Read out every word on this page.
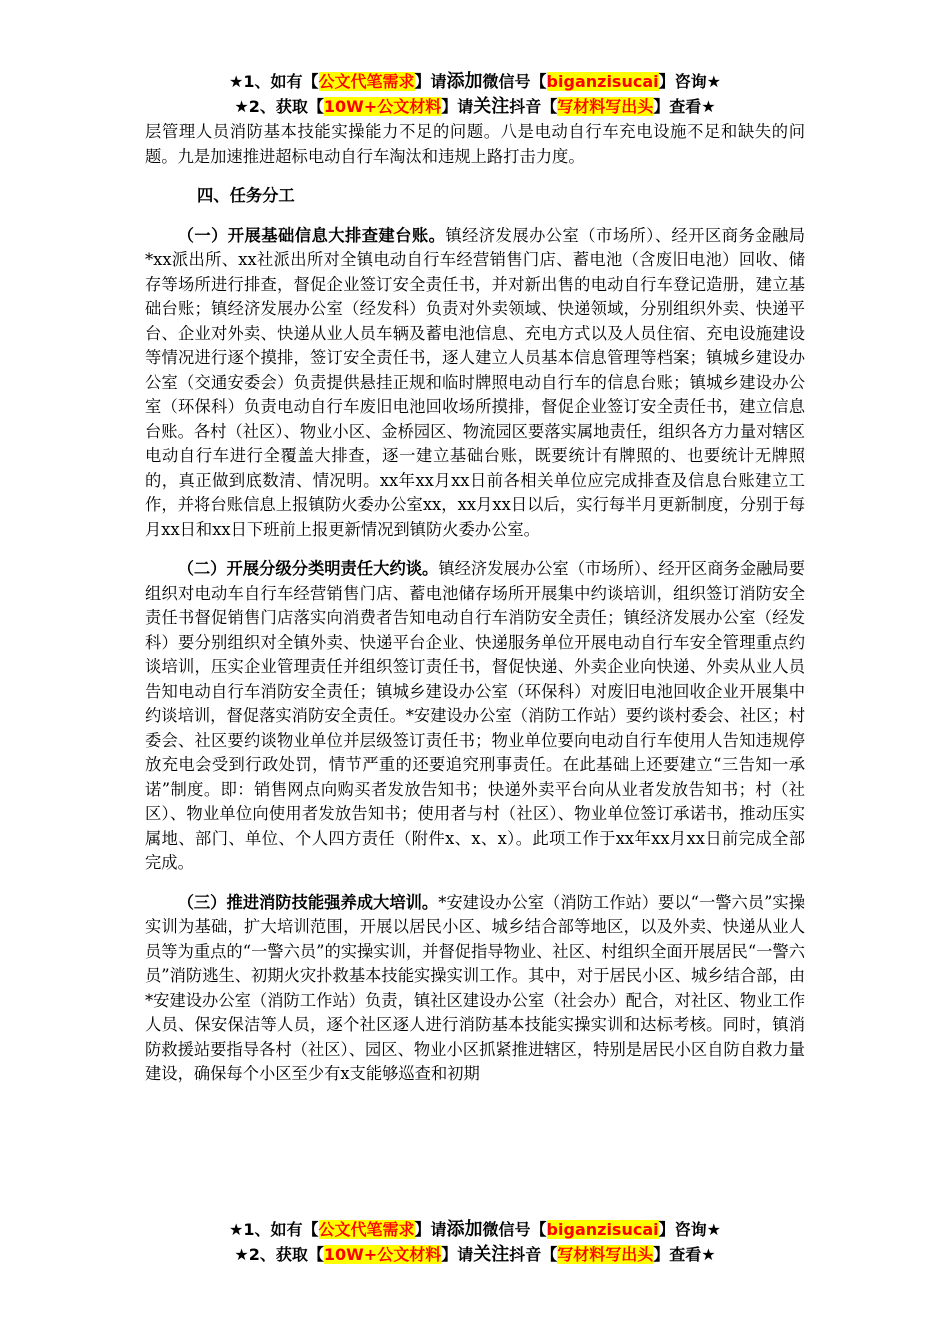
★1、如有【公文代笔需求】请添加微信号【biganzisucai】咨询★
★2、获取【10W+公文材料】请关注抖音【写材料写出头】查看★

层管理人员消防基本技能实操能力不足的问题。八是电动自行车充电设施不足和缺失的问题。九是加速推进超标电动自行车淘汰和违规上路打击力度。

四、任务分工

（一）开展基础信息大排查建台账。镇经济发展办公室（市场所）、经开区商务金融局*xx派出所、xx社派出所对全镇电动自行车经营销售门店、蓄电池（含废旧电池）回收、储存等场所进行排查，督促企业签订安全责任书，并对新出售的电动自行车登记造册，建立基础台账；镇经济发展办公室（经发科）负责对外卖领域、快递领域，分别组织外卖、快递平台、企业对外卖、快递从业人员车辆及蓄电池信息、充电方式以及人员住宿、充电设施建设等情况进行逐个摸排，签订安全责任书，逐人建立人员基本信息管理等档案；镇城乡建设办公室（交通安委会）负责提供悬挂正规和临时牌照电动自行车的信息台账；镇城乡建设办公室（环保科）负责电动自行车废旧电池回收场所摸排，督促企业签订安全责任书，建立信息台账。各村（社区）、物业小区、金桥园区、物流园区要落实属地责任，组织各方力量对辖区电动自行车进行全覆盖大排查，逐一建立基础台账，既要统计有牌照的、也要统计无牌照的，真正做到底数清、情况明。xx年xx月xx日前各相关单位应完成排查及信息台账建立工作，并将台账信息上报镇防火委办公室xx，xx月xx日以后，实行每半月更新制度，分别于每月xx日和xx日下班前上报更新情况到镇防火委办公室。

（二）开展分级分类明责任大约谈。镇经济发展办公室（市场所）、经开区商务金融局要组织对电动车自行车经营销售门店、蓄电池储存场所开展集中约谈培训，组织签订消防安全责任书督促销售门店落实向消费者告知电动自行车消防安全责任；镇经济发展办公室（经发科）要分别组织对全镇外卖、快递平台企业、快递服务单位开展电动自行车安全管理重点约谈培训，压实企业管理责任并组织签订责任书，督促快递、外卖企业向快递、外卖从业人员告知电动自行车消防安全责任；镇城乡建设办公室（环保科）对废旧电池回收企业开展集中约谈培训，督促落实消防安全责任。*安建设办公室（消防工作站）要约谈村委会、社区；村委会、社区要约谈物业单位并层级签订责任书；物业单位要向电动自行车使用人告知违规停放充电会受到行政处罚，情节严重的还要追究刑事责任。在此基础上还要建立“三告知一承诺”制度。即：销售网点向购买者发放告知书；快递外卖平台向从业者发放告知书；村（社区）、物业单位向使用者发放告知书；使用者与村（社区）、物业单位签订承诺书，推动压实属地、部门、单位、个人四方责任（附件x、x、x）。此项工作于xx年xx月xx日前完成全部完成。

（三）推进消防技能强养成大培训。*安建设办公室（消防工作站）要以“一警六员”实操实训为基础，扩大培训范围，开展以居民小区、城乡结合部等地区，以及外卖、快递从业人员等为重点的“一警六员”的实操实训，并督促指导物业、社区、村组织全面开展居民“一警六员”消防逃生、初期火灾扑救基本技能实操实训工作。其中，对于居民小区、城乡结合部，由*安建设办公室（消防工作站）负责，镇社区建设办公室（社会办）配合，对社区、物业工作人员、保安保洁等人员，逐个社区逐人进行消防基本技能实操实训和达标考核。同时，镇消防救援站要指导各村（社区）、园区、物业小区抓紧推进辖区，特别是居民小区自防自救力量建设，确保每个小区至少有x支能够巡查和初期

★1、如有【公文代笔需求】请添加微信号【biganzisucai】咨询★
★2、获取【10W+公文材料】请关注抖音【写材料写出头】查看★
